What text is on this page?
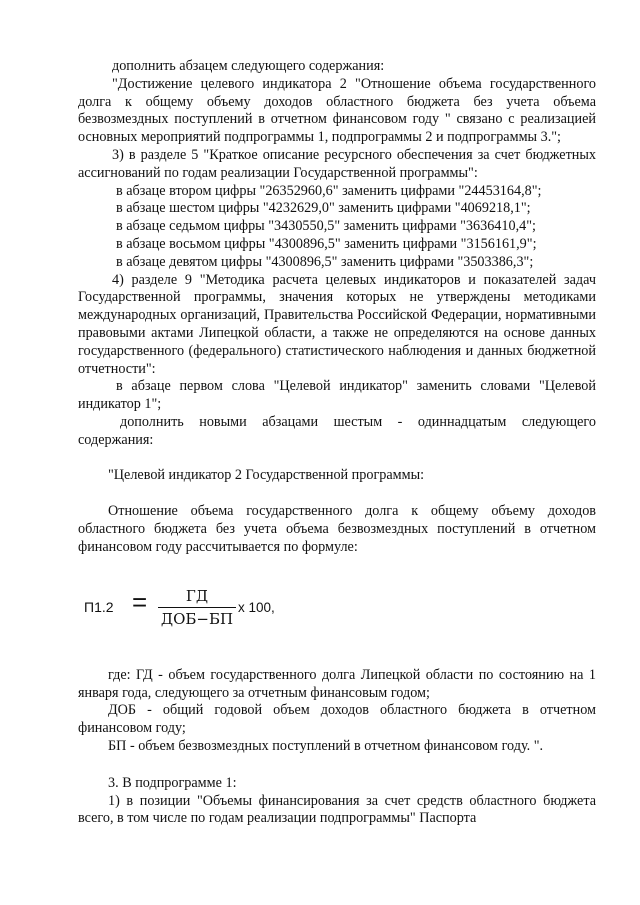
дополнить абзацем следующего содержания:

"Достижение целевого индикатора 2 "Отношение объема государственного долга к общему объему доходов областного бюджета без учета объема безвозмездных поступлений в отчетном финансовом году " связано с реализацией основных мероприятий подпрограммы 1, подпрограммы 2 и подпрограммы 3.";

3) в разделе 5 "Краткое описание ресурсного обеспечения за счет бюджетных ассигнований по годам реализации Государственной программы":

в абзаце втором цифры "26352960,6" заменить цифрами "24453164,8";

в абзаце шестом цифры "4232629,0" заменить цифрами "4069218,1";

в абзаце седьмом цифры "3430550,5" заменить цифрами "3636410,4";

в абзаце восьмом цифры "4300896,5" заменить цифрами "3156161,9";

в абзаце девятом цифры "4300896,5" заменить цифрами "3503386,3";

4) разделе 9 "Методика расчета целевых индикаторов и показателей задач Государственной программы, значения которых не утверждены методиками международных организаций, Правительства Российской Федерации, нормативными правовыми актами Липецкой области, а также не определяются на основе данных государственного (федерального) статистического наблюдения и данных бюджетной отчетности":

в абзаце первом слова "Целевой индикатор" заменить словами "Целевой индикатор 1";

дополнить новыми абзацами шестым - одиннадцатым следующего содержания:

"Целевой индикатор 2 Государственной программы:

Отношение объема государственного долга к общему объему доходов областного бюджета без учета объема безвозмездных поступлений в отчетном финансовом году рассчитывается по формуле:

П1.2 =	ГД
ДОБ−БП
х 100,

где: ГД - объем государственного долга Липецкой области по состоянию на 1 января года, следующего за отчетным финансовым годом;

ДОБ - общий годовой объем доходов областного бюджета в отчетном финансовом году;

БП - объем безвозмездных поступлений в отчетном финансовом году. ".

3. В подпрограмме 1:

1) в позиции "Объемы финансирования за счет средств областного бюджета всего, в том числе по годам реализации подпрограммы" Паспорта
